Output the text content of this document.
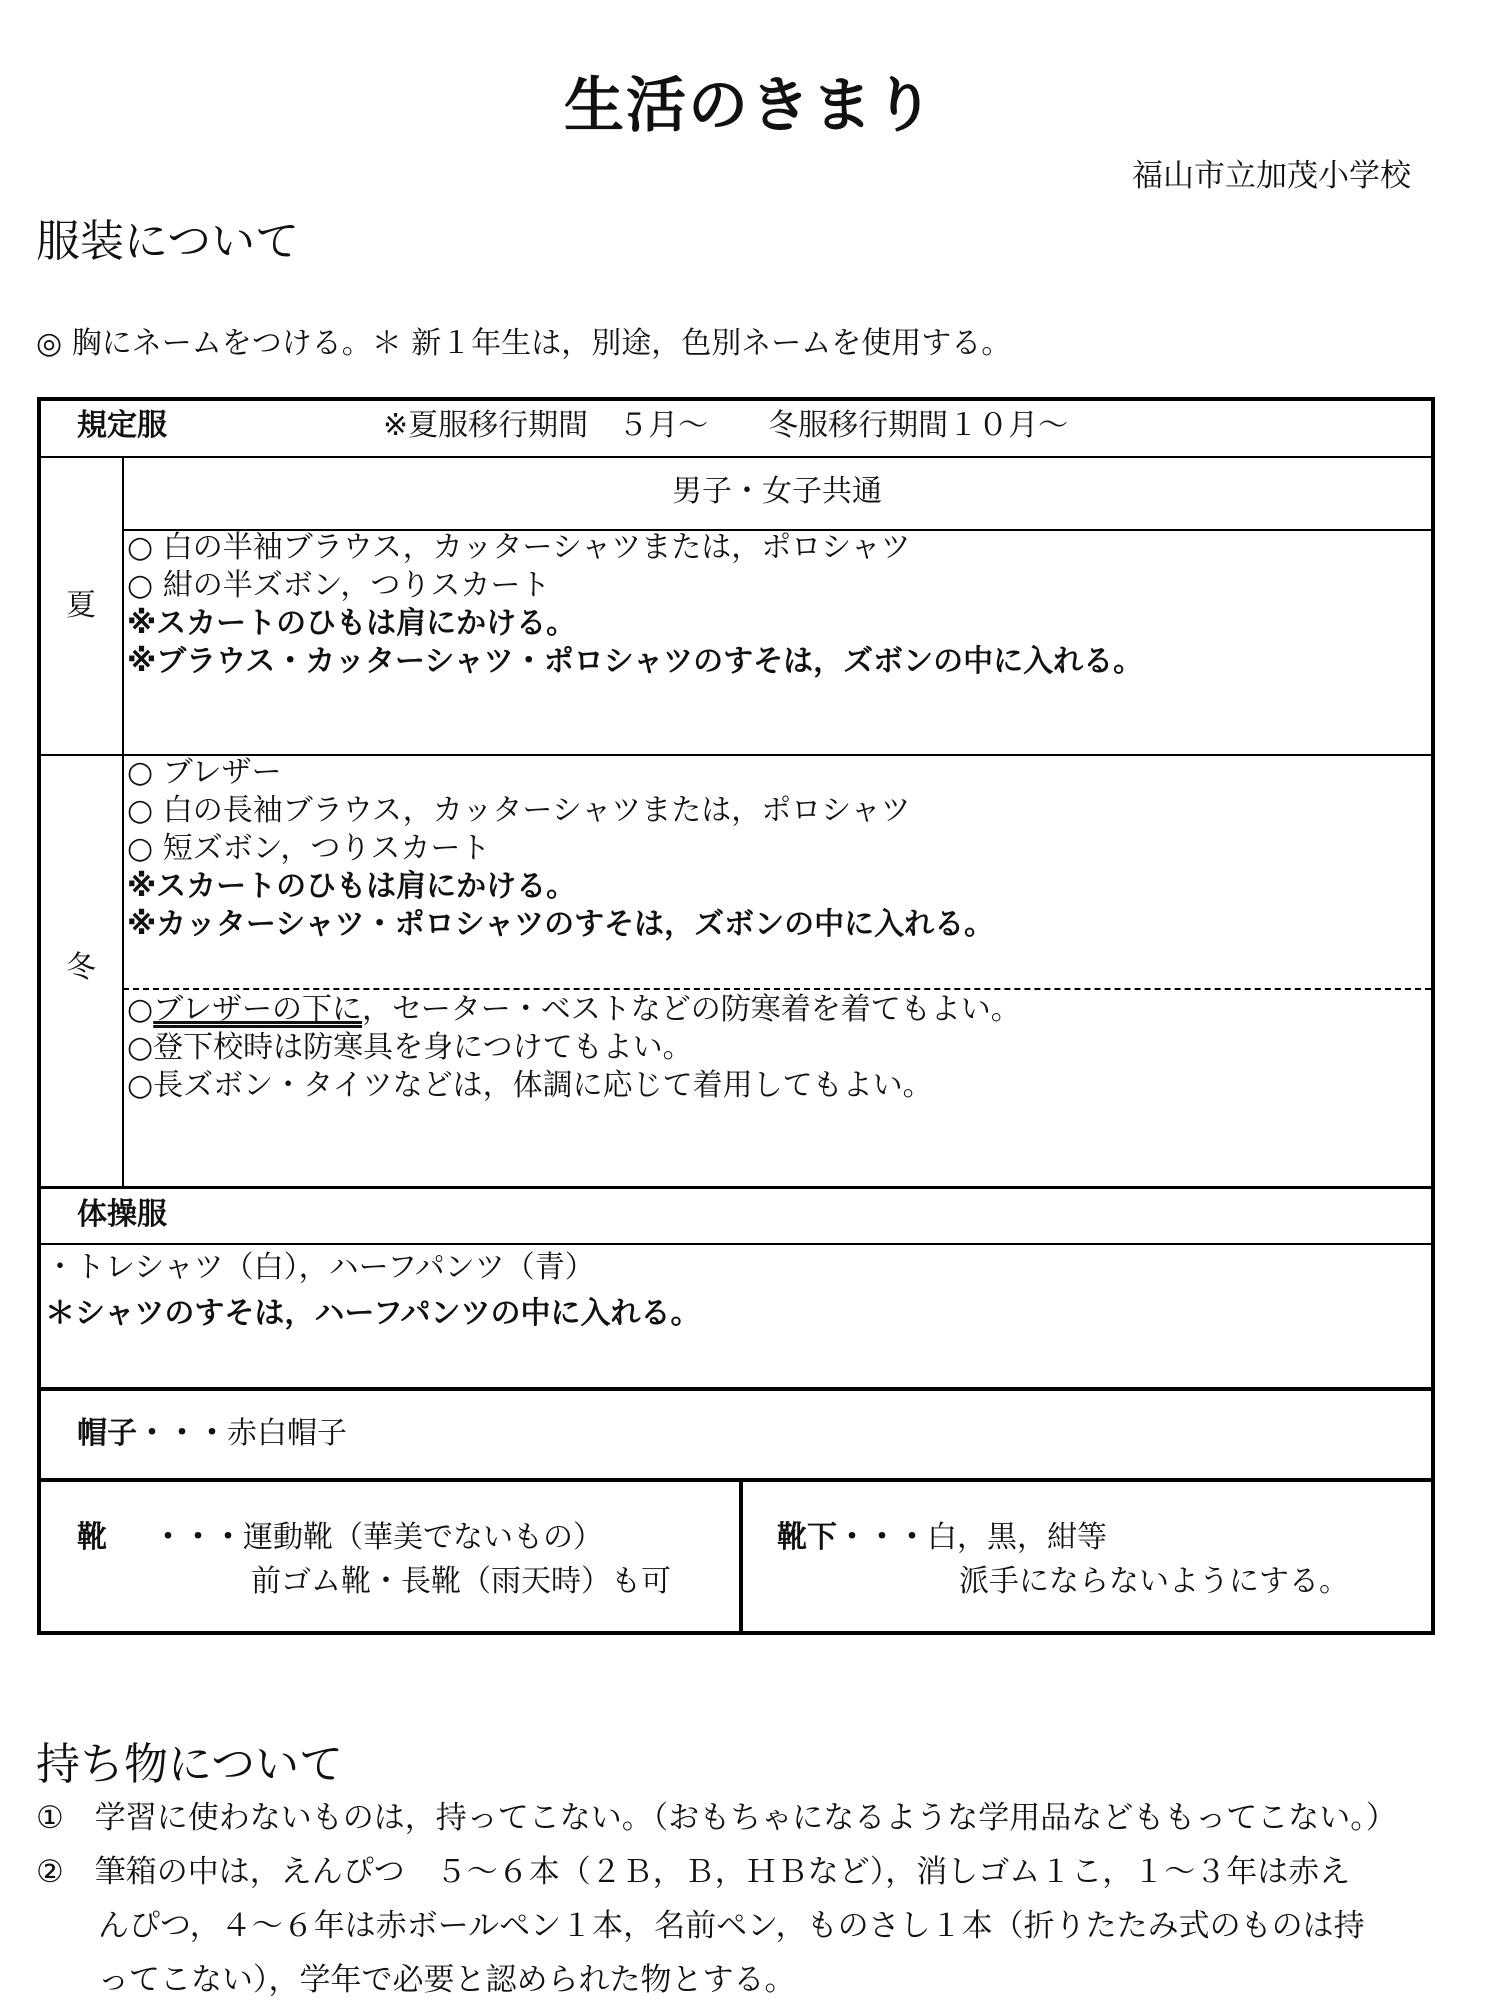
生活のきまり
福山市立加茂小学校
服装について
◎ 胸にネームをつける。＊ 新１年生は，別途，色別ネームを使用する。
規定服	※夏服移行期間　５月～　　冬服移行期間１０月～
男子・女子共通
夏
○ 白の半袖ブラウス，カッターシャツまたは，ポロシャツ
○ 紺の半ズボン，つりスカート
※スカートのひもは肩にかける。
※ブラウス・カッターシャツ・ポロシャツのすそは，ズボンの中に入れる。
冬
○ ブレザー
○ 白の長袖ブラウス，カッターシャツまたは，ポロシャツ
○ 短ズボン，つりスカート
※スカートのひもは肩にかける。
※カッターシャツ・ポロシャツのすそは，ズボンの中に入れる。
○ブレザーの下に，セーター・ベストなどの防寒着を着てもよい。
○登下校時は防寒具を身につけてもよい。
○長ズボン・タイツなどは，体調に応じて着用してもよい。
体操服
・トレシャツ（白），ハーフパンツ（青）
＊シャツのすそは，ハーフパンツの中に入れる。
帽子・・・赤白帽子
靴 ・・・運動靴（華美でないもの）
前ゴム靴・長靴（雨天時）も可
靴下・・・白，黒，紺等
派手にならないようにする。
持ち物について
①　学習に使わないものは，持ってこない。（おもちゃになるような学用品などももってこない。）
②　筆箱の中は，えんぴつ　５～６本（２Ｂ，Ｂ，ＨＢなど），消しゴム１こ，１～３年は赤え
　　んぴつ，４～６年は赤ボールペン１本，名前ペン，ものさし１本（折りたたみ式のものは持
　　ってこない），学年で必要と認められた物とする。
